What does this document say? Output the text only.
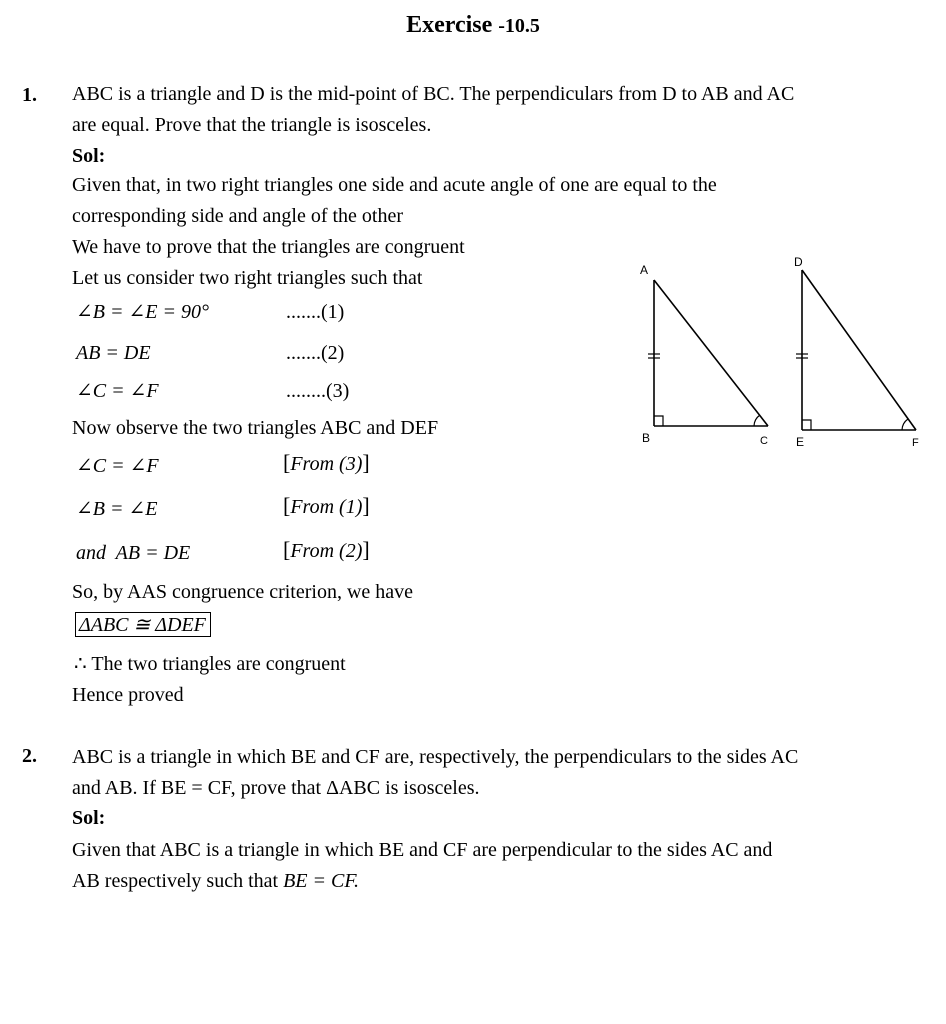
Exercise -10.5
1. ABC is a triangle and D is the mid-point of BC. The perpendiculars from D to AB and AC
are equal. Prove that the triangle is isosceles.
Sol:
Given that, in two right triangles one side and acute angle of one are equal to the
corresponding side and angle of the other
We have to prove that the triangles are congruent
Let us consider two right triangles such that
∠B = ∠E = 90°	.......(1)
AB = DE	.......(2)
∠C = ∠F	........(3)
Now observe the two triangles ABC and DEF
∠C = ∠F	[From (3)]
∠B = ∠E	[From (1)]
and AB = DE	[From (2)]
So, by AAS congruence criterion, we have
ΔABC ≅ ΔDEF
∴ The two triangles are congruent
Hence proved
A
B	C
D
E	F
2. ABC is a triangle in which BE and CF are, respectively, the perpendiculars to the sides AC
and AB. If BE = CF, prove that ΔABC is isosceles.
Sol:
Given that ABC is a triangle in which BE and CF are perpendicular to the sides AC and
AB respectively such that BE = CF.
